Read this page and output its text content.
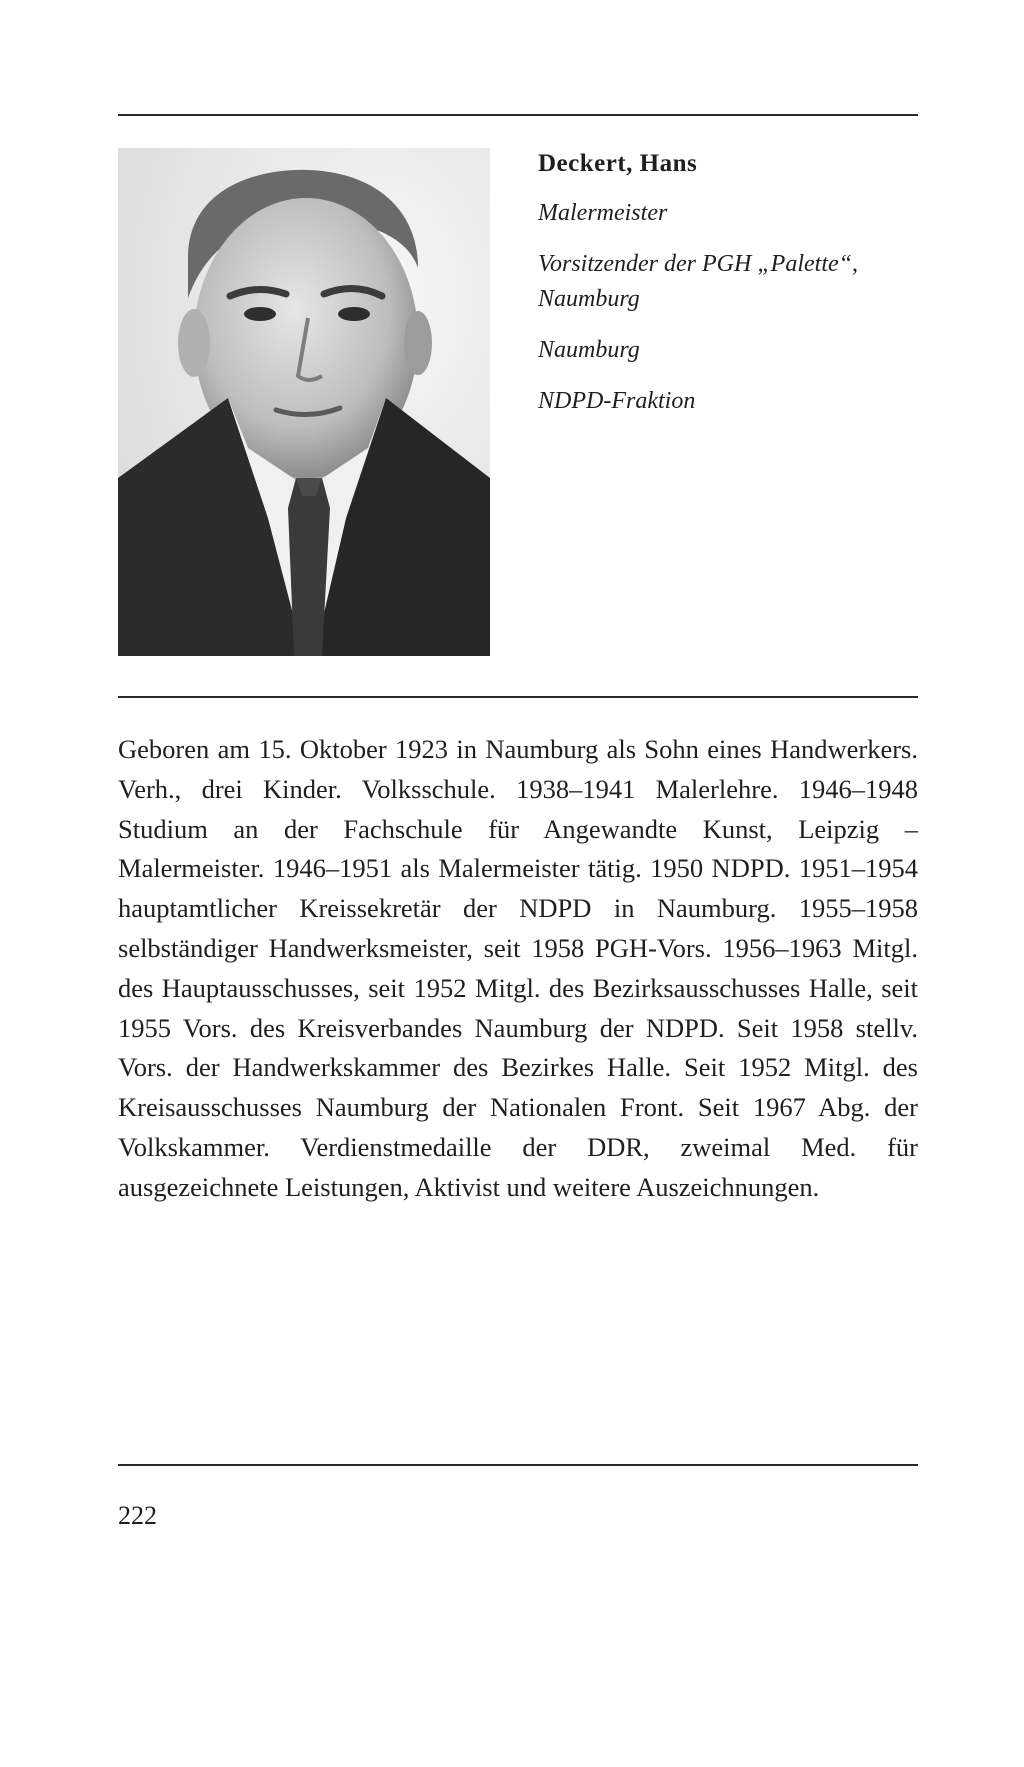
Deckert, Hans

Malermeister

Vorsitzender der PGH „Palette“,

Naumburg

Naumburg

NDPD-Fraktion

Geboren am 15. Oktober 1923 in Naumburg als Sohn eines Handwerkers. Verh., drei Kinder. Volksschule. 1938–1941 Malerlehre. 1946–1948 Studium an der Fachschule für Angewandte Kunst, Leipzig – Malermeister. 1946–1951 als Malermeister tätig. 1950 NDPD. 1951–1954 hauptamtlicher Kreissekretär der NDPD in Naumburg. 1955–1958 selbständiger Handwerksmeister, seit 1958 PGH-Vors. 1956–1963 Mitgl. des Hauptausschusses, seit 1952 Mitgl. des Bezirksausschusses Halle, seit 1955 Vors. des Kreisverbandes Naumburg der NDPD. Seit 1958 stellv. Vors. der Handwerkskammer des Bezirkes Halle. Seit 1952 Mitgl. des Kreisausschusses Naumburg der Nationalen Front. Seit 1967 Abg. der Volkskammer. Verdienstmedaille der DDR, zweimal Med. für ausgezeichnete Leistungen, Aktivist und weitere Auszeichnungen.

222
